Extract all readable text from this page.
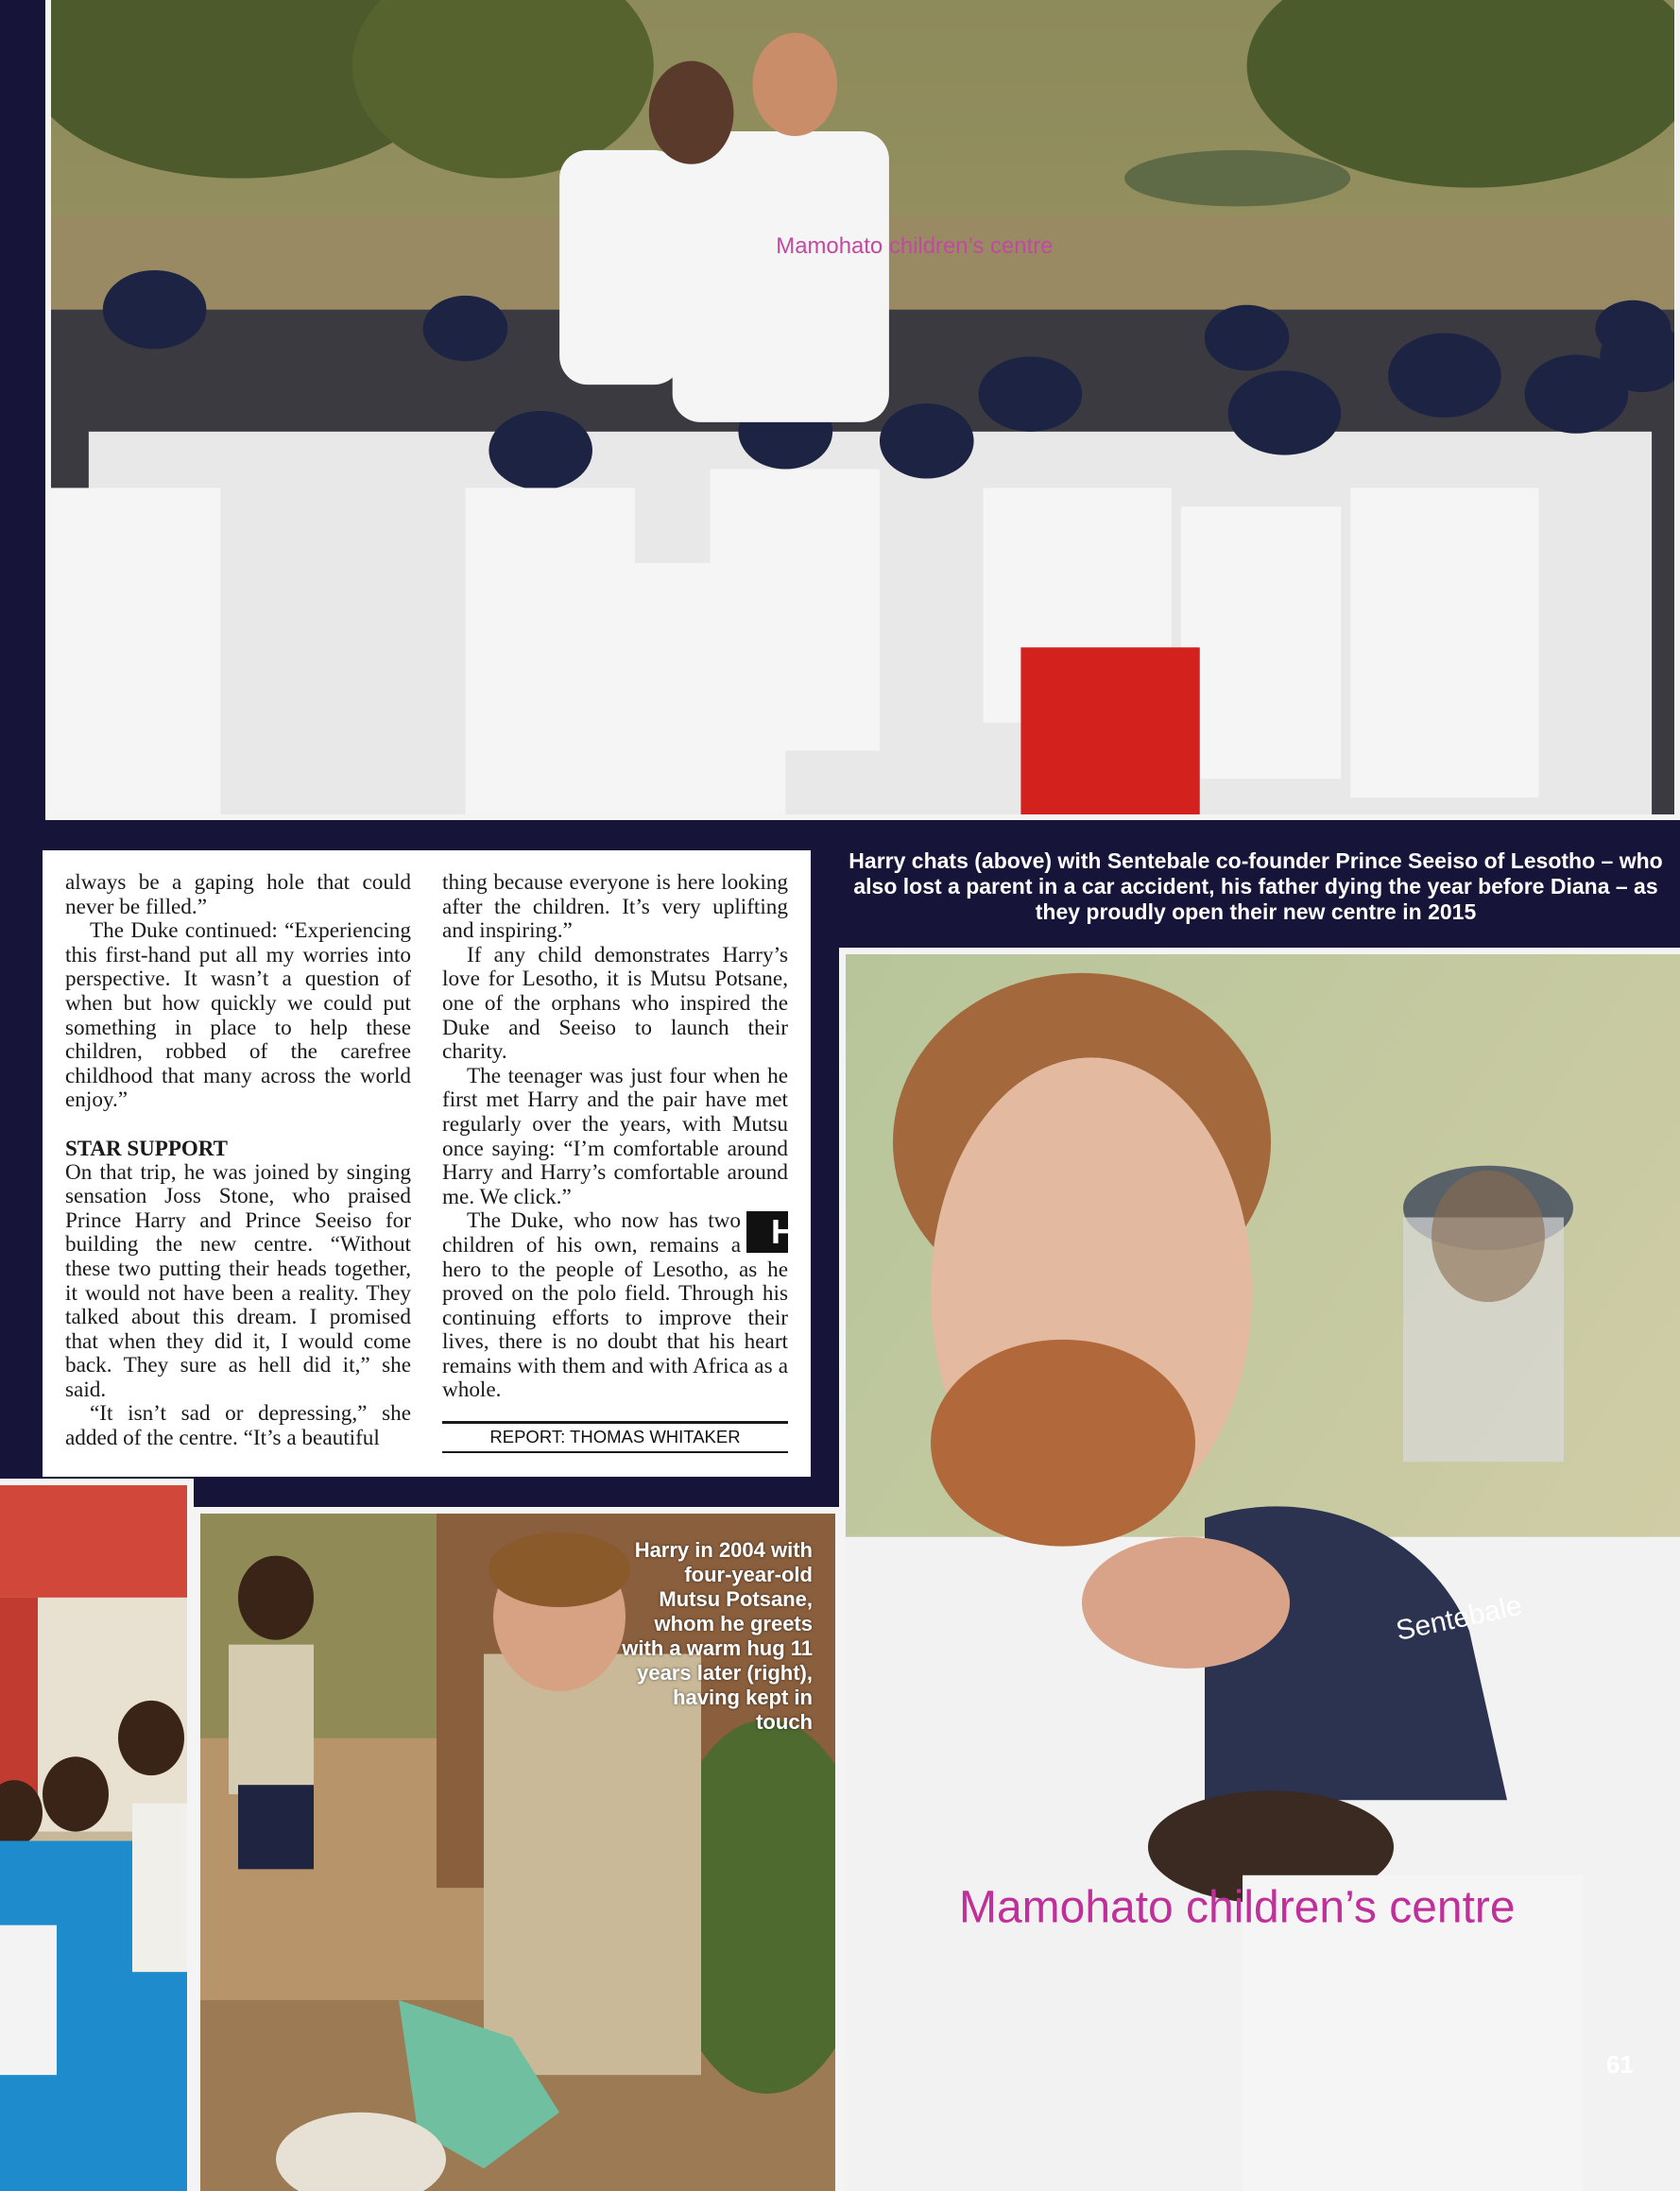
Mamohato children’s centre

always be a gaping hole that could never be filled.”

The Duke continued: “Experiencing this first-hand put all my worries into perspective. It wasn’t a question of when but how quickly we could put something in place to help these children, robbed of the carefree childhood that many across the world enjoy.”

STAR SUPPORT

On that trip, he was joined by singing sensation Joss Stone, who praised Prince Harry and Prince Seeiso for building the new centre. “Without these two putting their heads together, it would not have been a reality. They talked about this dream. I promised that when they did it, I would come back. They sure as hell did it,” she said.

“It isn’t sad or depressing,” she added of the centre. “It’s a beautiful

thing because everyone is here looking after the children. It’s very uplifting and inspiring.”

If any child demonstrates Harry’s love for Lesotho, it is Mutsu Potsane, one of the orphans who inspired the Duke and Seeiso to launch their charity.

The teenager was just four when he first met Harry and the pair have met regularly over the years, with Mutsu once saying: “I’m comfortable around Harry and Harry’s comfortable around me. We click.”

H
The Duke, who now has two children of his own, remains a hero to the people of Lesotho, as he proved on the polo field. Through his continuing efforts to improve their lives, there is no doubt that his heart remains with them and with Africa as a whole.

REPORT: THOMAS WHITAKER
Harry chats (above) with Sentebale co-founder Prince Seeiso of Lesotho – who also lost a parent in a car accident, his father dying the year before Diana – as they proudly open their new centre in 2015
Sentebale
Mamohato children’s centre
Harry in 2004 with four-year-old Mutsu Potsane, whom he greets with a warm hug 11 years later (right), having kept in touch
61
